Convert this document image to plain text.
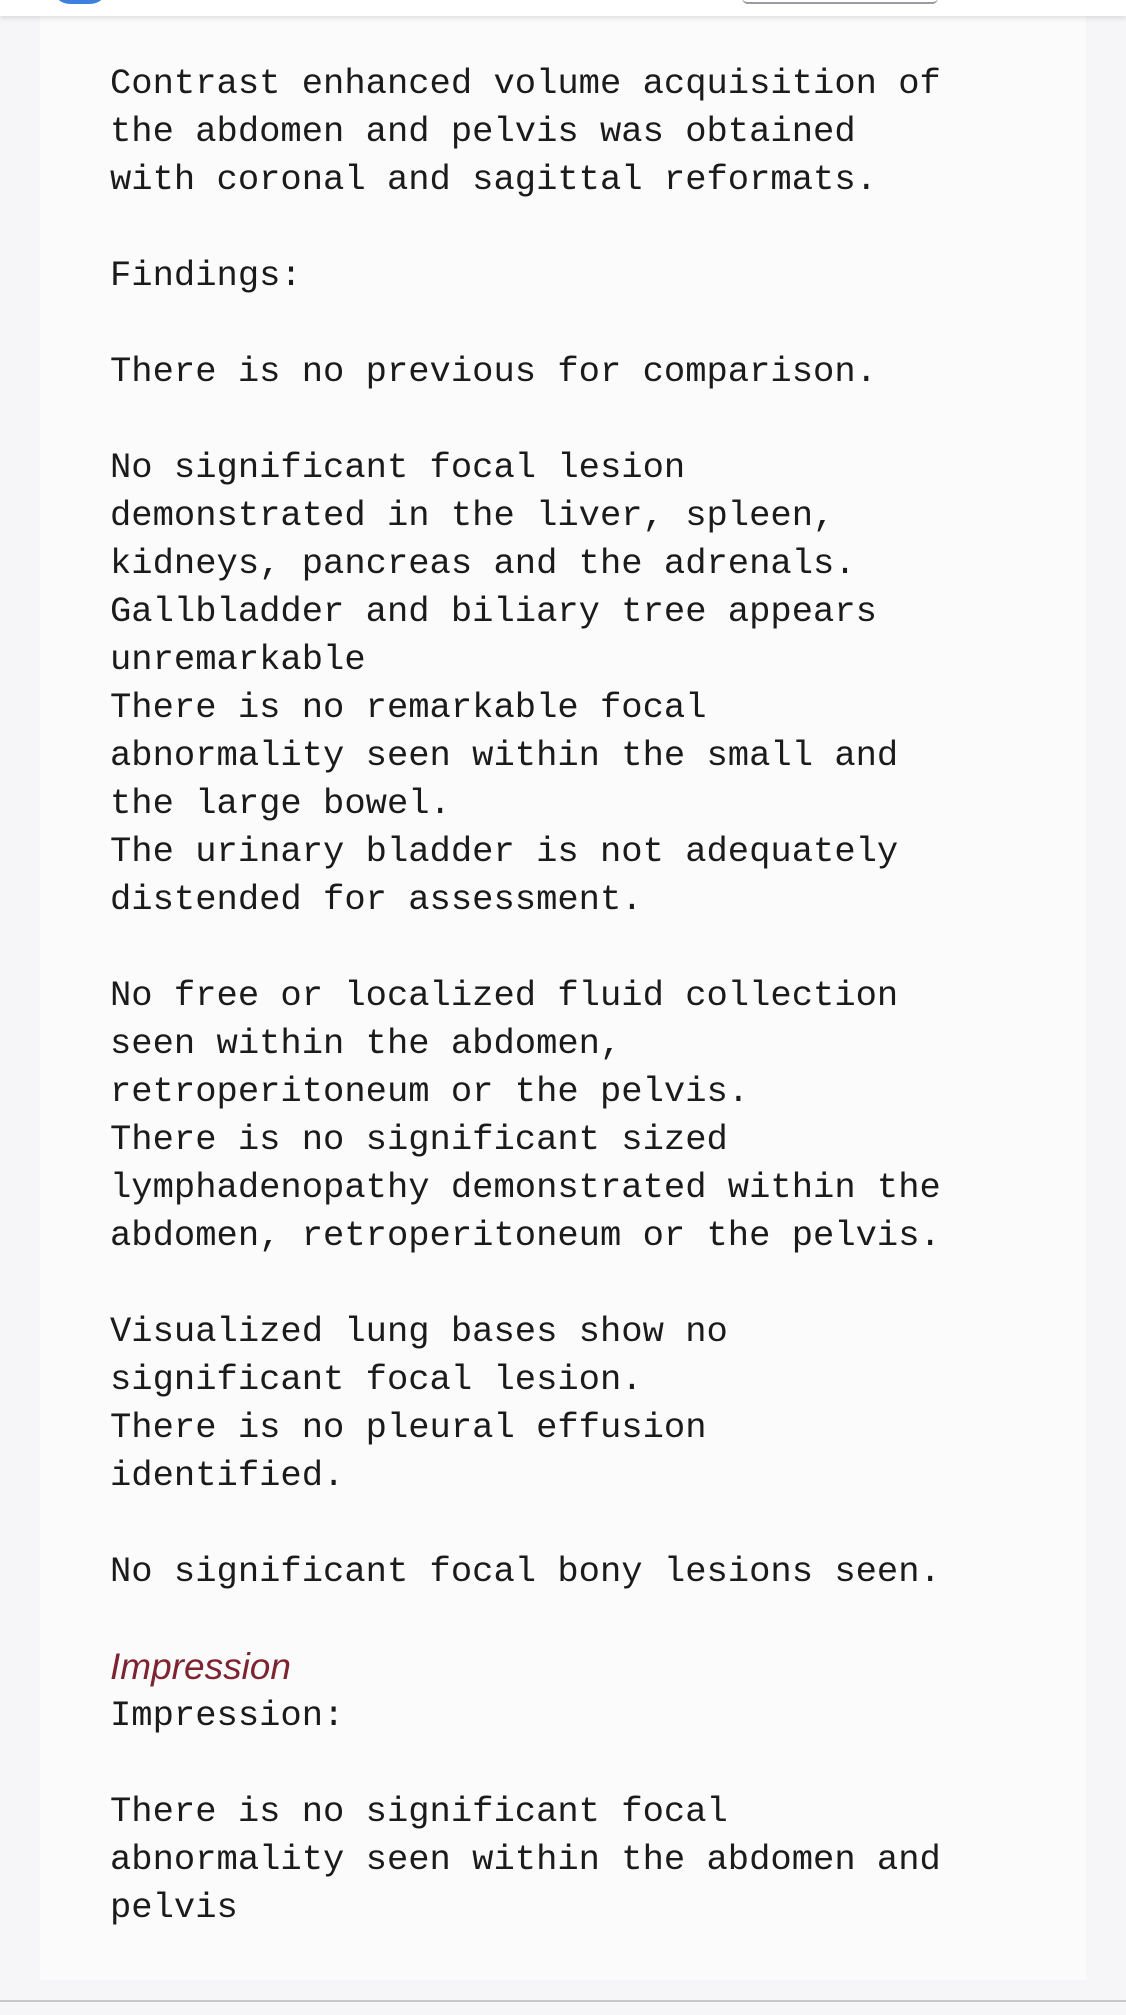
Contrast enhanced volume acquisition of
the abdomen and pelvis was obtained
with coronal and sagittal reformats.

Findings:

There is no previous for comparison.

No significant focal lesion
demonstrated in the liver, spleen,
kidneys, pancreas and the adrenals.
Gallbladder and biliary tree appears
unremarkable
There is no remarkable focal
abnormality seen within the small and
the large bowel.
The urinary bladder is not adequately
distended for assessment.

No free or localized fluid collection
seen within the abdomen,
retroperitoneum or the pelvis.
There is no significant sized
lymphadenopathy demonstrated within the
abdomen, retroperitoneum or the pelvis.

Visualized lung bases show no
significant focal lesion.
There is no pleural effusion
identified.

No significant focal bony lesions seen.
Impression
Impression:

There is no significant focal
abnormality seen within the abdomen and
pelvis
